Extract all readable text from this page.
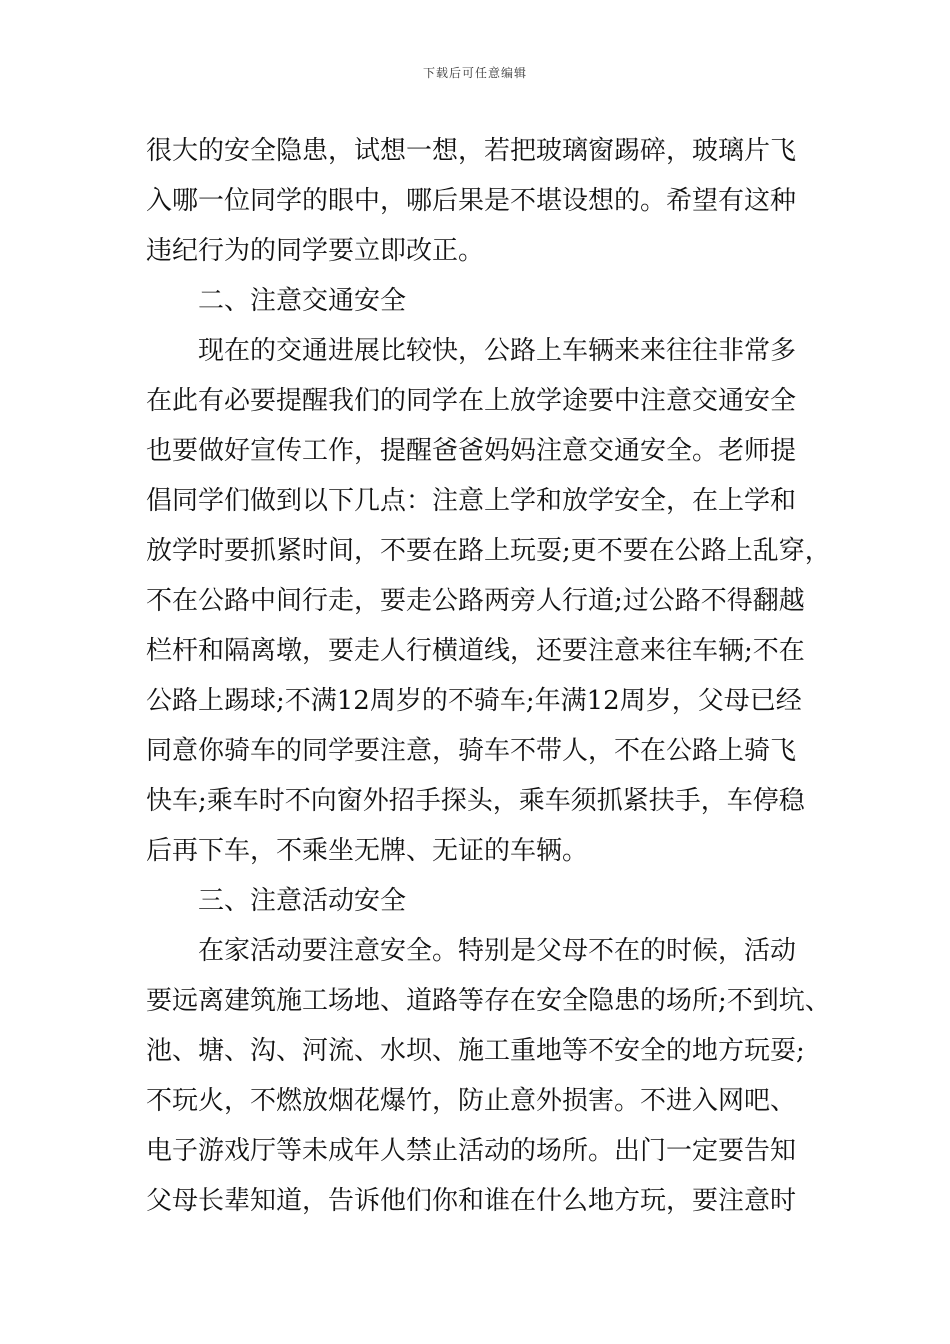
下载后可任意编辑
很大的安全隐患，试想一想，若把玻璃窗踢碎，玻璃片飞
入哪一位同学的眼中，哪后果是不堪设想的。希望有这种
违纪行为的同学要立即改正。
二、注意交通安全
现在的交通进展比较快，公路上车辆来来往往非常多
在此有必要提醒我们的同学在上放学途要中注意交通安全
也要做好宣传工作，提醒爸爸妈妈注意交通安全。老师提
倡同学们做到以下几点：注意上学和放学安全，在上学和
放学时要抓紧时间，不要在路上玩耍;更不要在公路上乱穿，
不在公路中间行走，要走公路两旁人行道;过公路不得翻越
栏杆和隔离墩，要走人行横道线，还要注意来往车辆;不在
公路上踢球;不满12周岁的不骑车;年满12周岁，父母已经
同意你骑车的同学要注意，骑车不带人，不在公路上骑飞
快车;乘车时不向窗外招手探头，乘车须抓紧扶手，车停稳
后再下车，不乘坐无牌、无证的车辆。
三、注意活动安全
在家活动要注意安全。特别是父母不在的时候，活动
要远离建筑施工场地、道路等存在安全隐患的场所;不到坑、
池、塘、沟、河流、水坝、施工重地等不安全的地方玩耍;
不玩火，不燃放烟花爆竹，防止意外损害。不进入网吧、
电子游戏厅等未成年人禁止活动的场所。出门一定要告知
父母长辈知道，告诉他们你和谁在什么地方玩，要注意时
